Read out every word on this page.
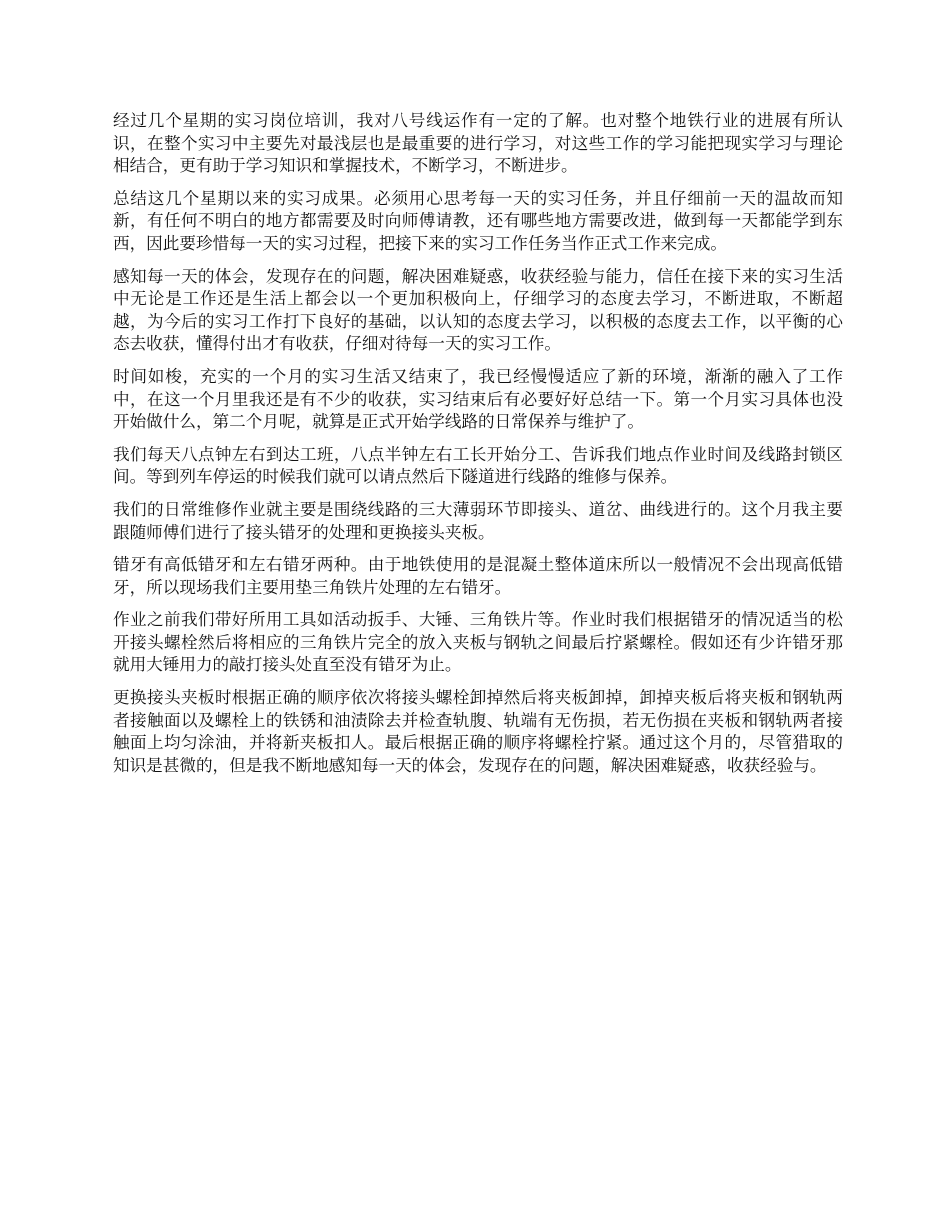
经过几个星期的实习岗位培训，我对八号线运作有一定的了解。也对整个地铁行业的进展有所认识，在整个实习中主要先对最浅层也是最重要的进行学习，对这些工作的学习能把现实学习与理论相结合，更有助于学习知识和掌握技术，不断学习，不断进步。

总结这几个星期以来的实习成果。必须用心思考每一天的实习任务，并且仔细前一天的温故而知新，有任何不明白的地方都需要及时向师傅请教，还有哪些地方需要改进，做到每一天都能学到东西，因此要珍惜每一天的实习过程，把接下来的实习工作任务当作正式工作来完成。

感知每一天的体会，发现存在的问题，解决困难疑惑，收获经验与能力，信任在接下来的实习生活中无论是工作还是生活上都会以一个更加积极向上，仔细学习的态度去学习，不断进取，不断超越，为今后的实习工作打下良好的基础，以认知的态度去学习，以积极的态度去工作，以平衡的心态去收获，懂得付出才有收获，仔细对待每一天的实习工作。

时间如梭，充实的一个月的实习生活又结束了，我已经慢慢适应了新的环境，渐渐的融入了工作中，在这一个月里我还是有不少的收获，实习结束后有必要好好总结一下。第一个月实习具体也没开始做什么，第二个月呢，就算是正式开始学线路的日常保养与维护了。

我们每天八点钟左右到达工班，八点半钟左右工长开始分工、告诉我们地点作业时间及线路封锁区间。等到列车停运的时候我们就可以请点然后下隧道进行线路的维修与保养。

我们的日常维修作业就主要是围绕线路的三大薄弱环节即接头、道岔、曲线进行的。这个月我主要跟随师傅们进行了接头错牙的处理和更换接头夹板。

错牙有高低错牙和左右错牙两种。由于地铁使用的是混凝土整体道床所以一般情况不会出现高低错牙，所以现场我们主要用垫三角铁片处理的左右错牙。

作业之前我们带好所用工具如活动扳手、大锤、三角铁片等。作业时我们根据错牙的情况适当的松开接头螺栓然后将相应的三角铁片完全的放入夹板与钢轨之间最后拧紧螺栓。假如还有少许错牙那就用大锤用力的敲打接头处直至没有错牙为止。

更换接头夹板时根据正确的顺序依次将接头螺栓卸掉然后将夹板卸掉，卸掉夹板后将夹板和钢轨两者接触面以及螺栓上的铁锈和油渍除去并检查轨腹、轨端有无伤损，若无伤损在夹板和钢轨两者接触面上均匀涂油，并将新夹板扣人。最后根据正确的顺序将螺栓拧紧。通过这个月的，尽管猎取的知识是甚微的，但是我不断地感知每一天的体会，发现存在的问题，解决困难疑惑，收获经验与。
